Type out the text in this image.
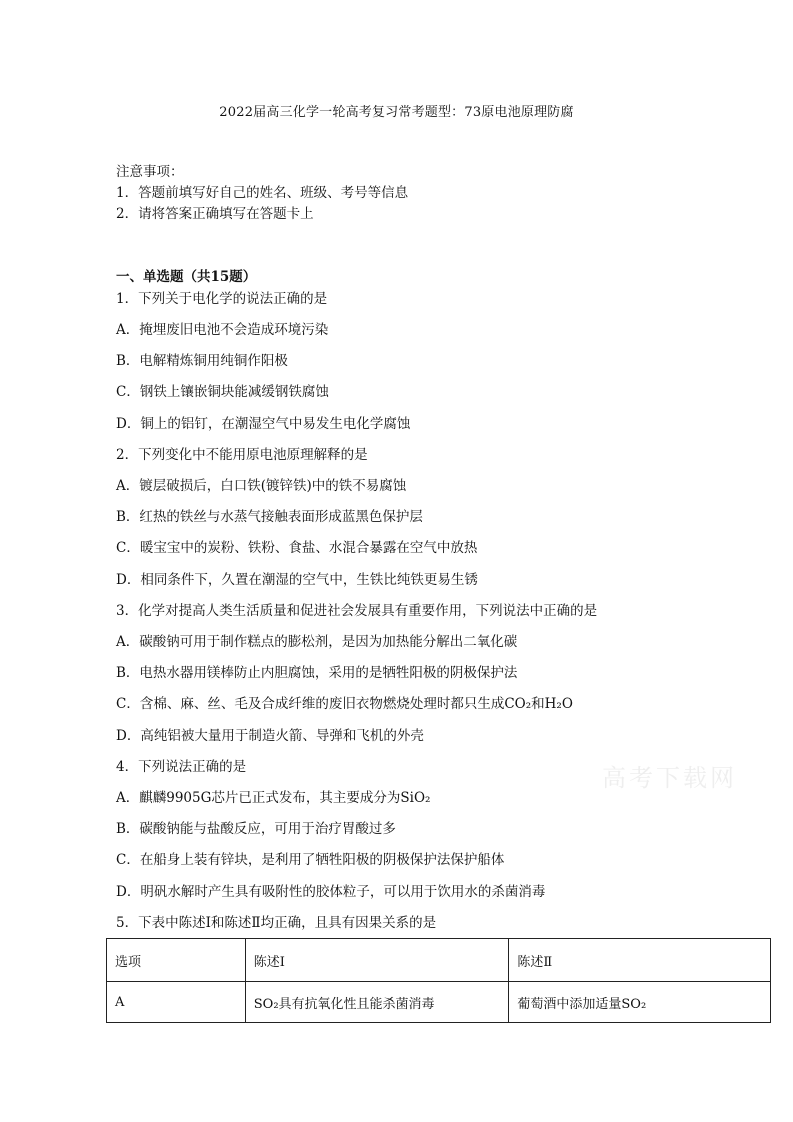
2022届高三化学一轮高考复习常考题型：73原电池原理防腐
注意事项：
1．答题前填写好自己的姓名、班级、考号等信息
2．请将答案正确填写在答题卡上
一、单选题（共15题）
1．下列关于电化学的说法正确的是
A．掩埋废旧电池不会造成环境污染
B．电解精炼铜用纯铜作阳极
C．钢铁上镶嵌铜块能减缓钢铁腐蚀
D．铜上的铝钉，在潮湿空气中易发生电化学腐蚀
2．下列变化中不能用原电池原理解释的是
A．镀层破损后，白口铁(镀锌铁)中的铁不易腐蚀
B．红热的铁丝与水蒸气接触表面形成蓝黑色保护层
C．暖宝宝中的炭粉、铁粉、食盐、水混合暴露在空气中放热
D．相同条件下，久置在潮湿的空气中，生铁比纯铁更易生锈
3．化学对提高人类生活质量和促进社会发展具有重要作用，下列说法中正确的是
A．碳酸钠可用于制作糕点的膨松剂，是因为加热能分解出二氧化碳
B．电热水器用镁棒防止内胆腐蚀，采用的是牺牲阳极的阴极保护法
C．含棉、麻、丝、毛及合成纤维的废旧衣物燃烧处理时都只生成CO₂和H₂O
D．高纯铝被大量用于制造火箭、导弹和飞机的外壳
4．下列说法正确的是
A．麒麟9905G芯片已正式发布，其主要成分为SiO₂
B．碳酸钠能与盐酸反应，可用于治疗胃酸过多
C．在船身上装有锌块，是利用了牺牲阳极的阴极保护法保护船体
D．明矾水解时产生具有吸附性的胶体粒子，可以用于饮用水的杀菌消毒
5．下表中陈述Ⅰ和陈述Ⅱ均正确，且具有因果关系的是
高考下载网
选项	陈述Ⅰ	陈述Ⅱ
A	SO₂具有抗氧化性且能杀菌消毒	葡萄酒中添加适量SO₂
